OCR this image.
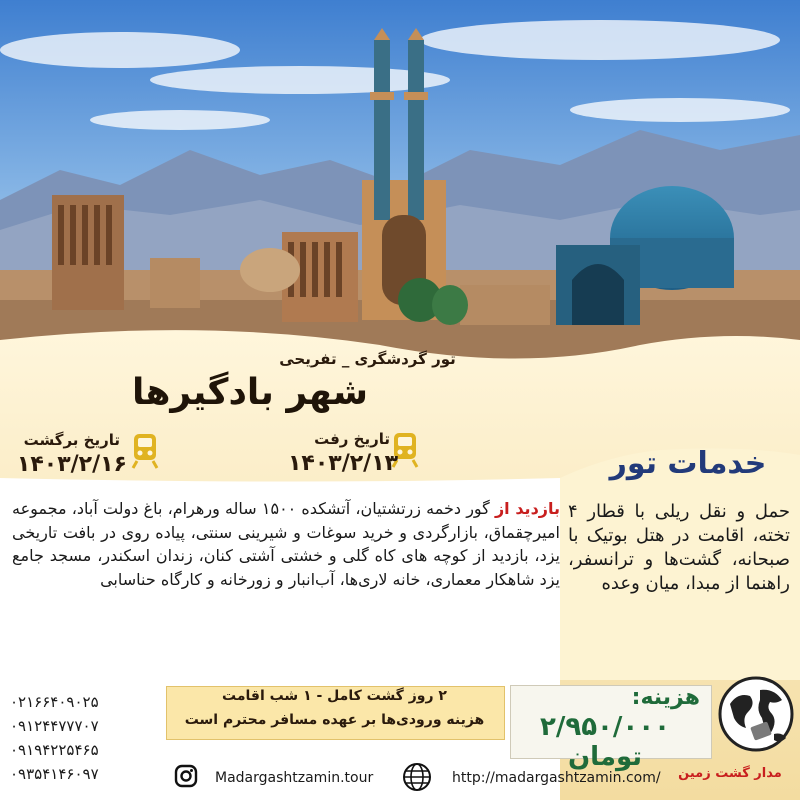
تور گردشگری _ تفریحی
شهر بادگیرها
تاریخ رفت
۱۴۰۳/۲/۱۳
تاریخ برگشت
۱۴۰۳/۲/۱۶	خدمات تور
حمل و نقل ریلی با قطار ۴ تخته، اقامت در هتل بوتیک با صبحانه، گشت‌ها و ترانسفر، راهنما از مبدا، میان وعده
بازدید از گور دخمه زرتشتیان، آتشکده ۱۵۰۰ ساله ورهرام، باغ دولت آباد، مجموعه امیرچقماق، بازارگردی و خرید سوغات و شیرینی سنتی، پیاده روی در بافت تاریخی یزد، بازدید از کوچه های کاه گلی و خشتی آشتی کنان، زندان اسکندر، مسجد جامع یزد شاهکار معماری، خانه لاری‌ها، آب‌انبار و زورخانه و کارگاه حناسابی
۰۲۱۶۶۴۰۹۰۲۵
۰۹۱۲۴۴۷۷۷۰۷
۰۹۱۹۴۲۲۵۴۶۵
۰۹۳۵۴۱۴۶۰۹۷
۲ روز گشت کامل - ۱ شب اقامت
هزینه ورودی‌ها بر عهده مسافر محترم است
هزینه:
۲/۹۵۰/۰۰۰ تومان
مدار گشت زمین
Madargashtzamin.tour	http://madargashtzamin.com/
